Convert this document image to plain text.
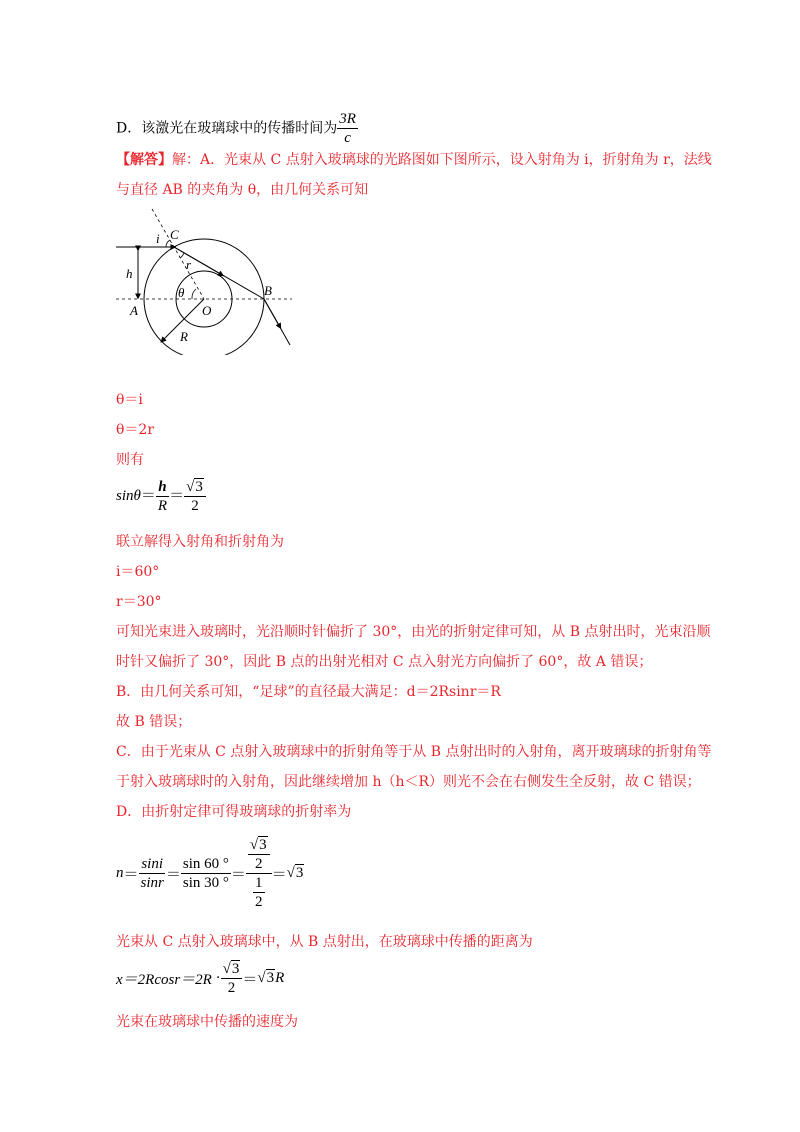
D．该激光在玻璃球中的传播时间为 $\frac{3R}{c}$
【解答】解：A．光束从 C 点射入玻璃球的光路图如下图所示，设入射角为 i，折射角为 r，法线
与直径 AB 的夹角为 θ，由几何关系可知
i C
r
h
θ	B
A	O
R
θ＝i
θ＝2r
则有
$\sin\theta= \frac{h}{R} = \frac{√3}{2}$
联立解得入射角和折射角为
i＝60°
r＝30°
可知光束进入玻璃时，光沿顺时针偏折了 30°，由光的折射定律可知，从 B 点射出时，光束沿顺
时针又偏折了 30°，因此 B 点的出射光相对 C 点入射光方向偏折了 60°，故 A 错误；
B．由几何关系可知，“足球”的直径最大满足：d＝2Rsinr＝R
故 B 错误；
C．由于光束从 C 点射入玻璃球中的折射角等于从 B 点射出时的入射角，离开玻璃球的折射角等
于射入玻璃球时的入射角，因此继续增加 h（h＜R）则光不会在右侧发生全反射，故 C 错误；
D．由折射定律可得玻璃球的折射率为
$n = \frac{\sin i}{\sin r} = \frac{\sin 60 ^\circ}{\sin 30 ^\circ} = \frac{\frac{√3}{2}}{\frac{1}{2}} = √3$
光束从 C 点射入玻璃球中，从 B 点射出，在玻璃球中传播的距离为
$x=2Rcosr=2R \cdot \frac{√3}{2} = √3$ R
光束在玻璃球中传播的速度为
